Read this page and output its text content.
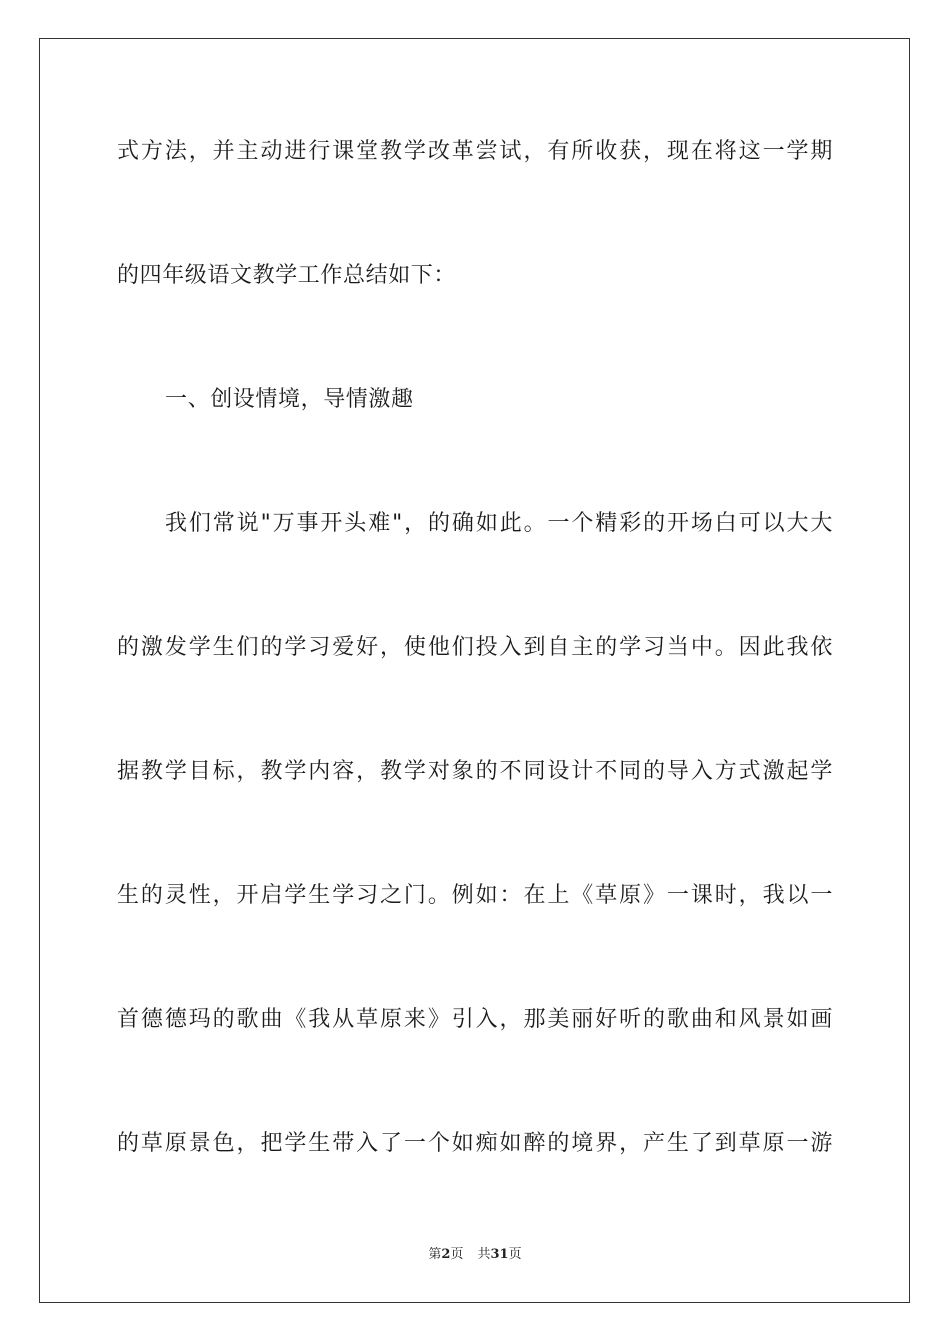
式方法，并主动进行课堂教学改革尝试，有所收获，现在将这一学期
的四年级语文教学工作总结如下：
一、创设情境，导情激趣
我们常说"万事开头难"，的确如此。一个精彩的开场白可以大大
的激发学生们的学习爱好，使他们投入到自主的学习当中。因此我依
据教学目标，教学内容，教学对象的不同设计不同的导入方式激起学
生的灵性，开启学生学习之门。例如：在上《草原》一课时，我以一
首德德玛的歌曲《我从草原来》引入，那美丽好听的歌曲和风景如画
的草原景色，把学生带入了一个如痴如醉的境界，产生了到草原一游
第2页 共31页
